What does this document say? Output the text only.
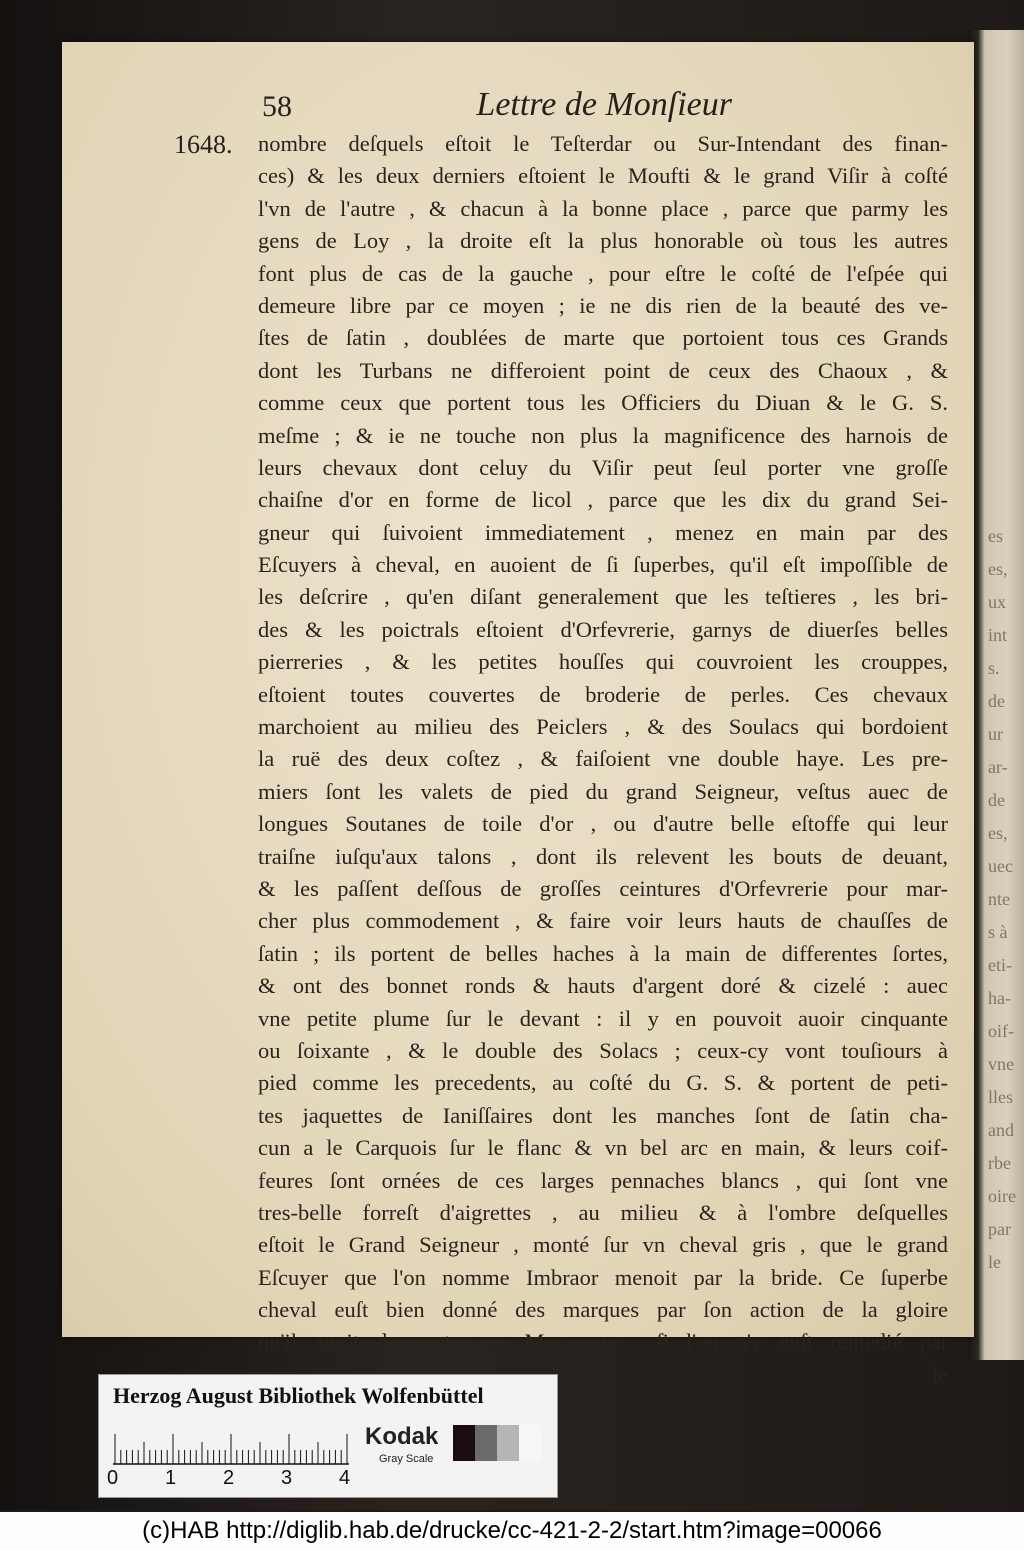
es
es,
ux
int
s.
de
ur
ar-
de
es,
uec
nte
s à
eti-
ha-
oif-
vne
lles
and
rbe
oire
par
le
58	Lettre de Monſieur
1648. nombre deſquels eſtoit le Teſterdar ou Sur-Intendant des finan-
ces) & les deux derniers eſtoient le Moufti & le grand Viſir à coſté
l'vn de l'autre , & chacun à la bonne place , parce que parmy les
gens de Loy , la droite eſt la plus honorable où tous les autres
font plus de cas de la gauche , pour eſtre le coſté de l'eſpée qui
demeure libre par ce moyen ; ie ne dis rien de la beauté des ve-
ſtes de ſatin , doublées de marte que portoient tous ces Grands
dont les Turbans ne differoient point de ceux des Chaoux , &
comme ceux que portent tous les Officiers du Diuan & le G. S.
meſme ; & ie ne touche non plus la magnificence des harnois de
leurs chevaux dont celuy du Viſir peut ſeul porter vne groſſe
chaiſne d'or en forme de licol , parce que les dix du grand Sei-
gneur qui ſuivoient immediatement , menez en main par des
Eſcuyers à cheval, en auoient de ſi ſuperbes, qu'il eſt impoſſible de
les deſcrire , qu'en diſant generalement que les teſtieres , les bri-
des & les poictrals eſtoient d'Orfevrerie, garnys de diuerſes belles
pierreries , & les petites houſſes qui couvroient les crouppes,
eſtoient toutes couvertes de broderie de perles. Ces chevaux
marchoient au milieu des Peiclers , & des Soulacs qui bordoient
la ruë des deux coſtez , & faiſoient vne double haye. Les pre-
miers ſont les valets de pied du grand Seigneur, veſtus auec de
longues Soutanes de toile d'or , ou d'autre belle eſtoffe qui leur
traiſne iuſqu'aux talons , dont ils relevent les bouts de deuant,
& les paſſent deſſous de groſſes ceintures d'Orfevrerie pour mar-
cher plus commodement , & faire voir leurs hauts de chauſſes de
ſatin ; ils portent de belles haches à la main de differentes ſortes,
& ont des bonnet ronds & hauts d'argent doré & cizelé : auec
vne petite plume ſur le devant : il y en pouvoit auoir cinquante
ou ſoixante , & le double des Solacs ; ceux-cy vont touſiours à
pied comme les precedents, au coſté du G. S. & portent de peti-
tes jaquettes de Ianiſſaires dont les manches ſont de ſatin cha-
cun a le Carquois ſur le flanc & vn bel arc en main, & leurs coif-
feures ſont ornées de ces larges pennaches blancs , qui ſont vne
tres-belle forreſt d'aigrettes , au milieu & à l'ombre deſquelles
eſtoit le Grand Seigneur , monté ſur vn cheval gris , que le grand
Eſcuyer que l'on nomme Imbraor menoit par la bride. Ce ſuperbe
cheval euſt bien donné des marques par ſon action de la gloire
qu'il auoit de porter vn Monarque , ſi l'on n'y euſt remedié par
le
Herzog August Bibliothek Wolfenbüttel
0 1 2 3 4
Kodak
Gray Scale
(c)HAB http://diglib.hab.de/drucke/cc-421-2-2/start.htm?image=00066
